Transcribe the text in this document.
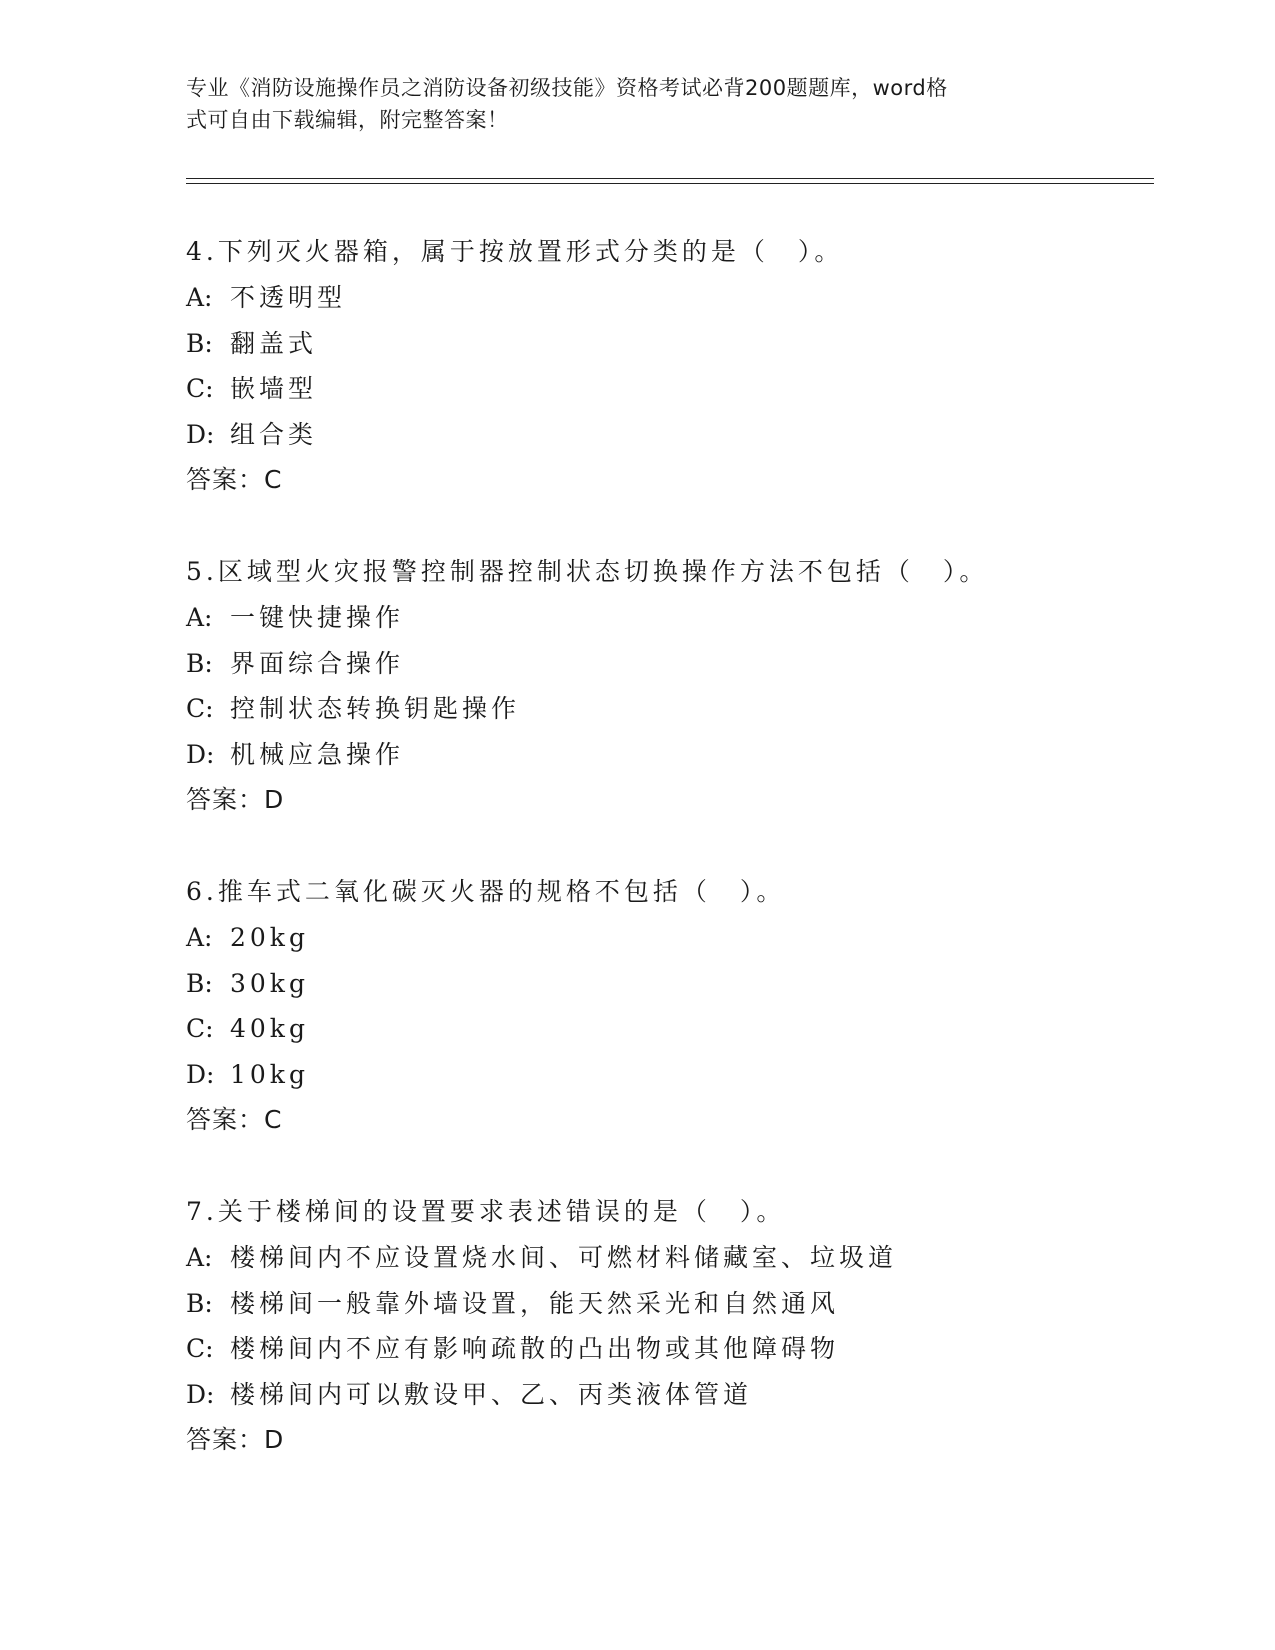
专业《消防设施操作员之消防设备初级技能》资格考试必背200题题库，word格
式可自由下载编辑，附完整答案！
4.下列灭火器箱，属于按放置形式分类的是（　）。
A: 不透明型
B: 翻盖式
C: 嵌墙型
D: 组合类
答案：C
5.区域型火灾报警控制器控制状态切换操作方法不包括（　）。
A: 一键快捷操作
B: 界面综合操作
C: 控制状态转换钥匙操作
D: 机械应急操作
答案：D
6.推车式二氧化碳灭火器的规格不包括（　）。
A: 20kg
B: 30kg
C: 40kg
D: 10kg
答案：C
7.关于楼梯间的设置要求表述错误的是（　）。
A: 楼梯间内不应设置烧水间、可燃材料储藏室、垃圾道
B: 楼梯间一般靠外墙设置，能天然采光和自然通风
C: 楼梯间内不应有影响疏散的凸出物或其他障碍物
D: 楼梯间内可以敷设甲、乙、丙类液体管道
答案：D
